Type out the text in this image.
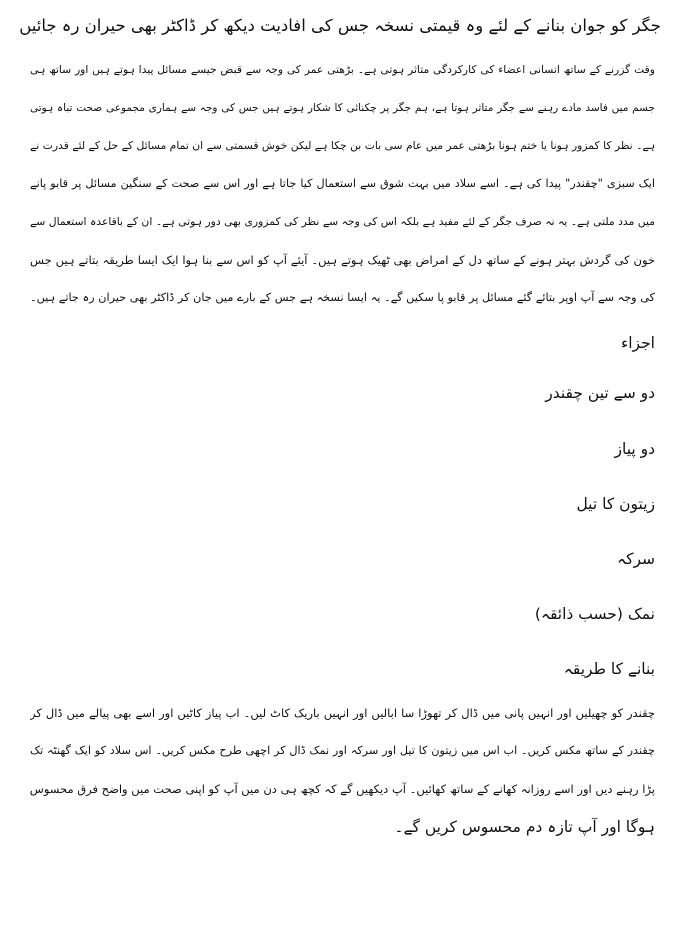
جگر کو جوان بنانے کے لئے وہ قیمتی نسخہ جس کی افادیت دیکھ کر ڈاکٹر بھی حیران رہ جائیں
وقت گزرنے کے ساتھ انسانی اعضاء کی کارکردگی متاثر ہوتی ہے۔ بڑھتی عمر کی وجہ سے قبض جیسے مسائل پیدا ہوتے ہیں اور ساتھ ہی
جسم میں فاسد مادے رہنے سے جگر متاثر ہوتا ہے، ہم جگر پر چکنائی کا شکار ہوتے ہیں جس کی وجہ سے ہماری مجموعی صحت تباہ ہوتی
ہے۔ نظر کا کمزور ہونا یا ختم ہونا بڑھتی عمر میں عام سی بات بن چکا ہے لیکن خوش قسمتی سے ان تمام مسائل کے حل کے لئے قدرت نے
ایک سبزی "چقندر" پیدا کی ہے۔ اسے سلاد میں بہت شوق سے استعمال کیا جاتا ہے اور اس سے صحت کے سنگین مسائل پر قابو پانے
میں مدد ملتی ہے۔ یہ نہ صرف جگر کے لئے مفید ہے بلکہ اس کی وجہ سے نظر کی کمزوری بھی دور ہوتی ہے۔ ان کے باقاعدہ استعمال سے
خون کی گردش بہتر ہونے کے ساتھ دل کے امراض بھی ٹھیک ہوتے ہیں۔ آیئے آپ کو اس سے بنا ہوا ایک ایسا طریقہ بتاتے ہیں جس
کی وجہ سے آپ اوپر بتائے گئے مسائل پر قابو پا سکیں گے۔ یہ ایسا نسخہ ہے جس کے بارے میں جان کر ڈاکٹر بھی حیران رہ جاتے ہیں۔
اجزاء
دو سے تین چقندر
دو پیاز
زیتون کا تیل
سرکہ
نمک (حسب ذائقہ)
بنانے کا طریقہ
چقندر کو چھیلیں اور انہیں پانی میں ڈال کر تھوڑا سا ابالیں اور انہیں باریک کاٹ لیں۔ اب پیاز کاٹیں اور اسے بھی پیالے میں ڈال کر
چقندر کے ساتھ مکس کریں۔ اب اس میں زیتون کا تیل اور سرکہ اور نمک ڈال کر اچھی طرح مکس کریں۔ اس سلاد کو ایک گھنٹہ تک
پڑا رہنے دیں اور اسے روزانہ کھانے کے ساتھ کھائیں۔ آپ دیکھیں گے کہ کچھ ہی دن میں آپ کو اپنی صحت میں واضح فرق محسوس
ہوگا اور آپ تازہ دم محسوس کریں گے۔
